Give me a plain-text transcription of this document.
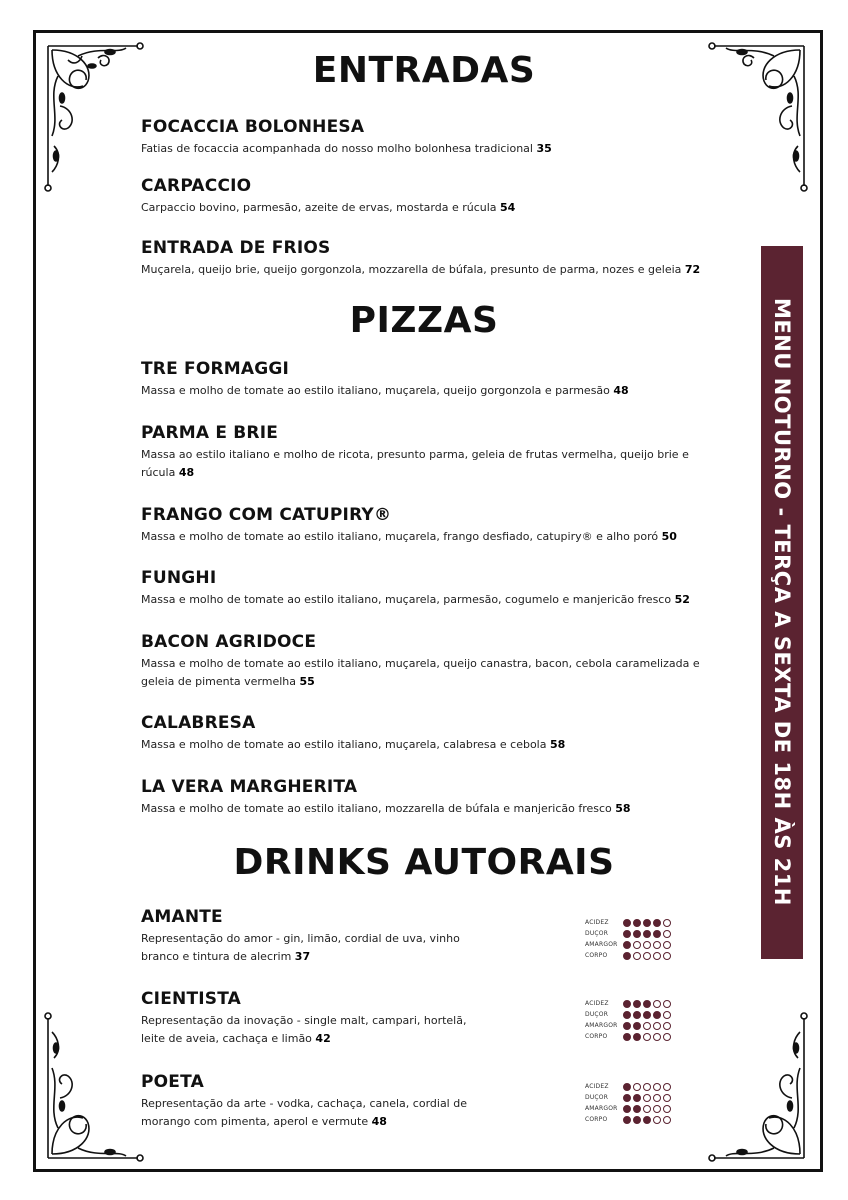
ENTRADAS
FOCACCIA BOLONHESA
Fatias de focaccia acompanhada do nosso molho bolonhesa tradicional 35
CARPACCIO
Carpaccio bovino, parmesão, azeite de ervas, mostarda e rúcula 54
ENTRADA DE FRIOS
Muçarela, queijo brie, queijo gorgonzola, mozzarella de búfala, presunto de parma, nozes e geleia 72
PIZZAS
TRE FORMAGGI
Massa e molho de tomate ao estilo italiano, muçarela, queijo gorgonzola e parmesão 48
PARMA E BRIE
Massa ao estilo italiano e molho de ricota, presunto parma, geleia de frutas vermelha, queijo brie e rúcula 48
FRANGO COM CATUPIRY®
Massa e molho de tomate ao estilo italiano, muçarela, frango desfiado, catupiry® e alho poró 50
FUNGHI
Massa e molho de tomate ao estilo italiano, muçarela, parmesão, cogumelo e manjericão fresco 52
BACON AGRIDOCE
Massa e molho de tomate ao estilo italiano, muçarela, queijo canastra, bacon, cebola caramelizada e geleia de pimenta vermelha 55
CALABRESA
Massa e molho de tomate ao estilo italiano, muçarela, calabresa e cebola 58
LA VERA MARGHERITA
Massa e molho de tomate ao estilo italiano, mozzarella de búfala e manjericão fresco 58
DRINKS AUTORAIS
AMANTE
Representação do amor - gin, limão, cordial de uva, vinho branco e tintura de alecrim 37
CIENTISTA
Representação da inovação - single malt, campari, hortelã, leite de aveia, cachaça e limão 42
POETA
Representação da arte - vodka, cachaça, canela, cordial de morango com pimenta, aperol e vermute 48
ACIDEZ
DUÇOR
AMARGOR
CORPO
ACIDEZ
DUÇOR
AMARGOR
CORPO
ACIDEZ
DUÇOR
AMARGOR
CORPO
MENU NOTURNO - TERÇA A SEXTA DE 18H ÀS 21H
